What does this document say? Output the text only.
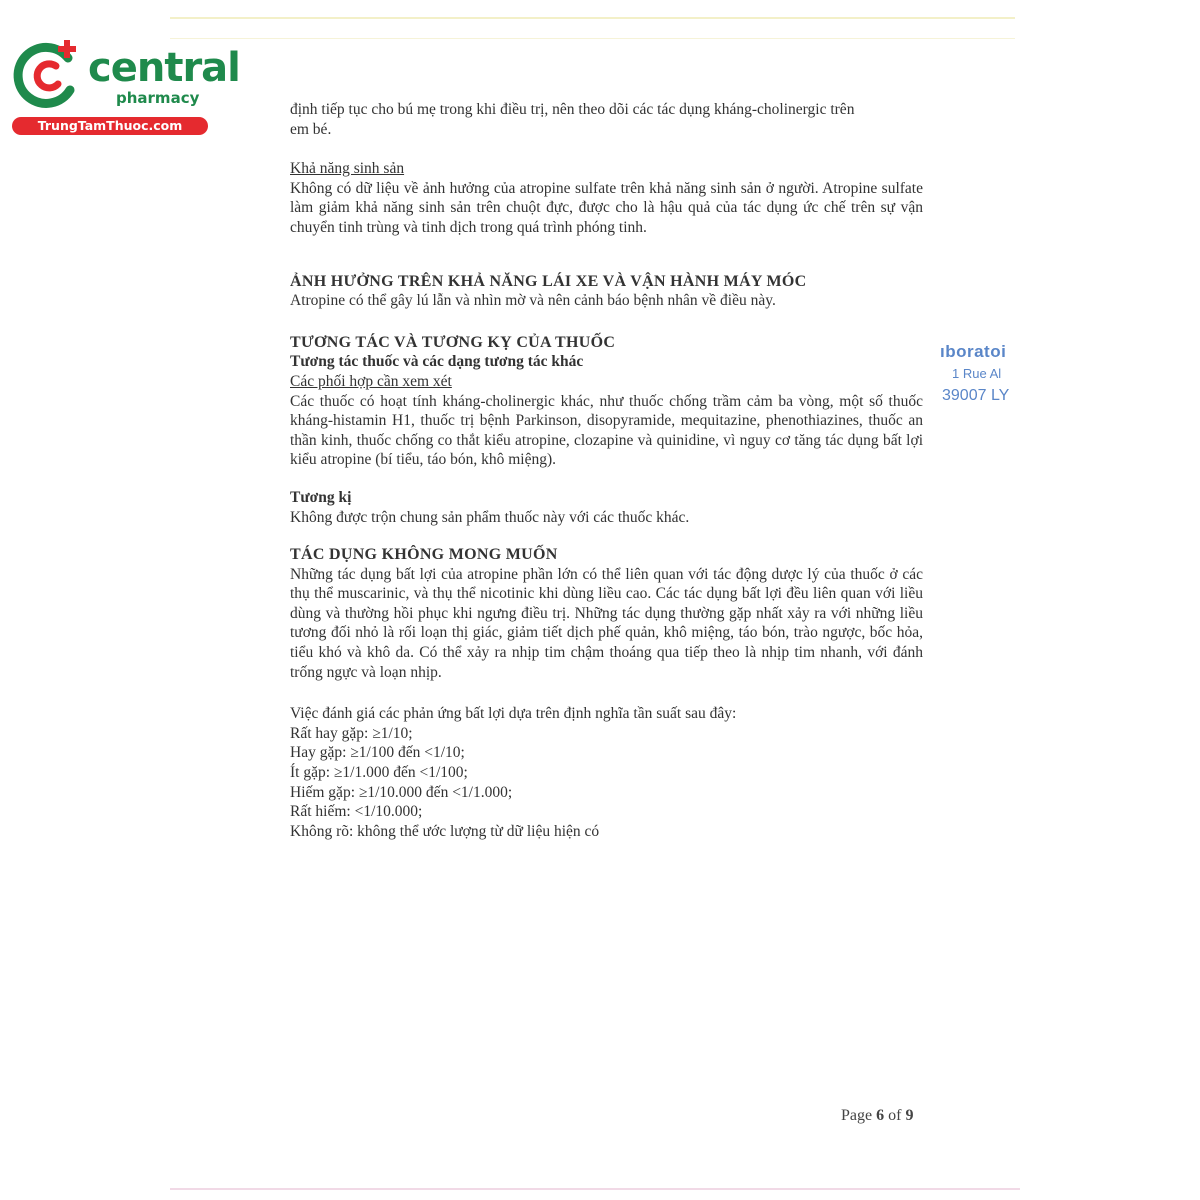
central
pharmacy
TrungTamThuoc.com
ıboratoi
1 Rue Al
39007 LY

định tiếp tục cho bú mẹ trong khi điều trị, nên theo dõi các tác dụng kháng-cholinergic trên

em bé.

Khả năng sinh sản

Không có dữ liệu về ảnh hưởng của atropine sulfate trên khả năng sinh sản ở người. Atropine sulfate làm giảm khả năng sinh sản trên chuột đực, được cho là hậu quả của tác dụng ức chế trên sự vận chuyển tinh trùng và tinh dịch trong quá trình phóng tinh.

ẢNH HƯỞNG TRÊN KHẢ NĂNG LÁI XE VÀ VẬN HÀNH MÁY MÓC

Atropine có thể gây lú lẫn và nhìn mờ và nên cảnh báo bệnh nhân về điều này.

TƯƠNG TÁC VÀ TƯƠNG KỴ CỦA THUỐC

Tương tác thuốc và các dạng tương tác khác

Các phối hợp cần xem xét

Các thuốc có hoạt tính kháng-cholinergic khác, như thuốc chống trầm cảm ba vòng, một số thuốc kháng-histamin H1, thuốc trị bệnh Parkinson, disopyramide, mequitazine, phenothiazines, thuốc an thần kinh, thuốc chống co thắt kiểu atropine, clozapine và quinidine, vì nguy cơ tăng tác dụng bất lợi kiểu atropine (bí tiểu, táo bón, khô miệng).

Tương kị

Không được trộn chung sản phẩm thuốc này với các thuốc khác.

TÁC DỤNG KHÔNG MONG MUỐN

Những tác dụng bất lợi của atropine phần lớn có thể liên quan với tác động dược lý của thuốc ở các thụ thể muscarinic, và thụ thể nicotinic khi dùng liều cao. Các tác dụng bất lợi đều liên quan với liều dùng và thường hồi phục khi ngưng điều trị. Những tác dụng thường gặp nhất xảy ra với những liều tương đối nhỏ là rối loạn thị giác, giảm tiết dịch phế quản, khô miệng, táo bón, trào ngược, bốc hỏa, tiểu khó và khô da. Có thể xảy ra nhịp tim chậm thoáng qua tiếp theo là nhịp tim nhanh, với đánh trống ngực và loạn nhịp.

Việc đánh giá các phản ứng bất lợi dựa trên định nghĩa tần suất sau đây:

Rất hay gặp: ≥1/10;

Hay gặp: ≥1/100 đến <1/10;

Ít gặp: ≥1/1.000 đến <1/100;

Hiếm gặp: ≥1/10.000 đến <1/1.000;

Rất hiếm: <1/10.000;

Không rõ: không thể ước lượng từ dữ liệu hiện có

Page 6 of 9
